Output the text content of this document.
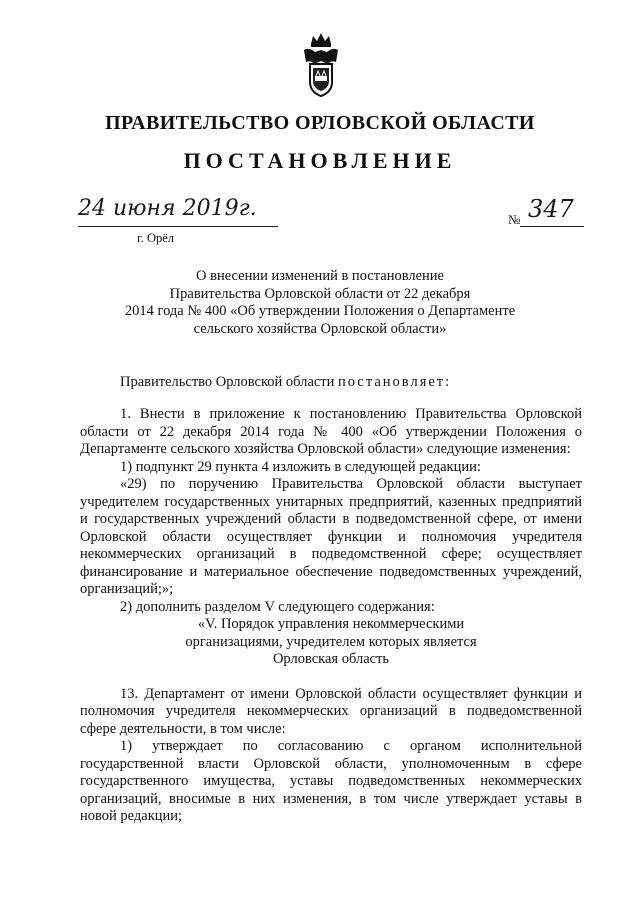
ПРАВИТЕЛЬСТВО ОРЛОВСКОЙ ОБЛАСТИ
ПОСТАНОВЛЕНИЕ
24 июня 2019г.
г. Орёл
№ 347
О внесении изменений в постановление
Правительства Орловской области от 22 декабря
2014 года № 400 «Об утверждении Положения о Департаменте
сельского хозяйства Орловской области»

Правительство Орловской области постановляет:

1. Внести в приложение к постановлению Правительства Орловской области от 22 декабря 2014 года № 400 «Об утверждении Положения о Департаменте сельского хозяйства Орловской области» следующие изменения:

1) подпункт 29 пункта 4 изложить в следующей редакции:

«29) по поручению Правительства Орловской области выступает учредителем государственных унитарных предприятий, казенных предприятий и государственных учреждений области в подведомственной сфере, от имени Орловской области осуществляет функции и полномочия учредителя некоммерческих организаций в подведомственной сфере; осуществляет финансирование и материальное обеспечение подведомственных учреждений, организаций;»;

2) дополнить разделом V следующего содержания:

«V. Порядок управления некоммерческими

организациями, учредителем которых является

Орловская область

13. Департамент от имени Орловской области осуществляет функции и полномочия учредителя некоммерческих организаций в подведомственной сфере деятельности, в том числе:

1) утверждает по согласованию с органом исполнительной государственной власти Орловской области, уполномоченным в сфере государственного имущества, уставы подведомственных некоммерческих организаций, вносимые в них изменения, в том числе утверждает уставы в новой редакции;
